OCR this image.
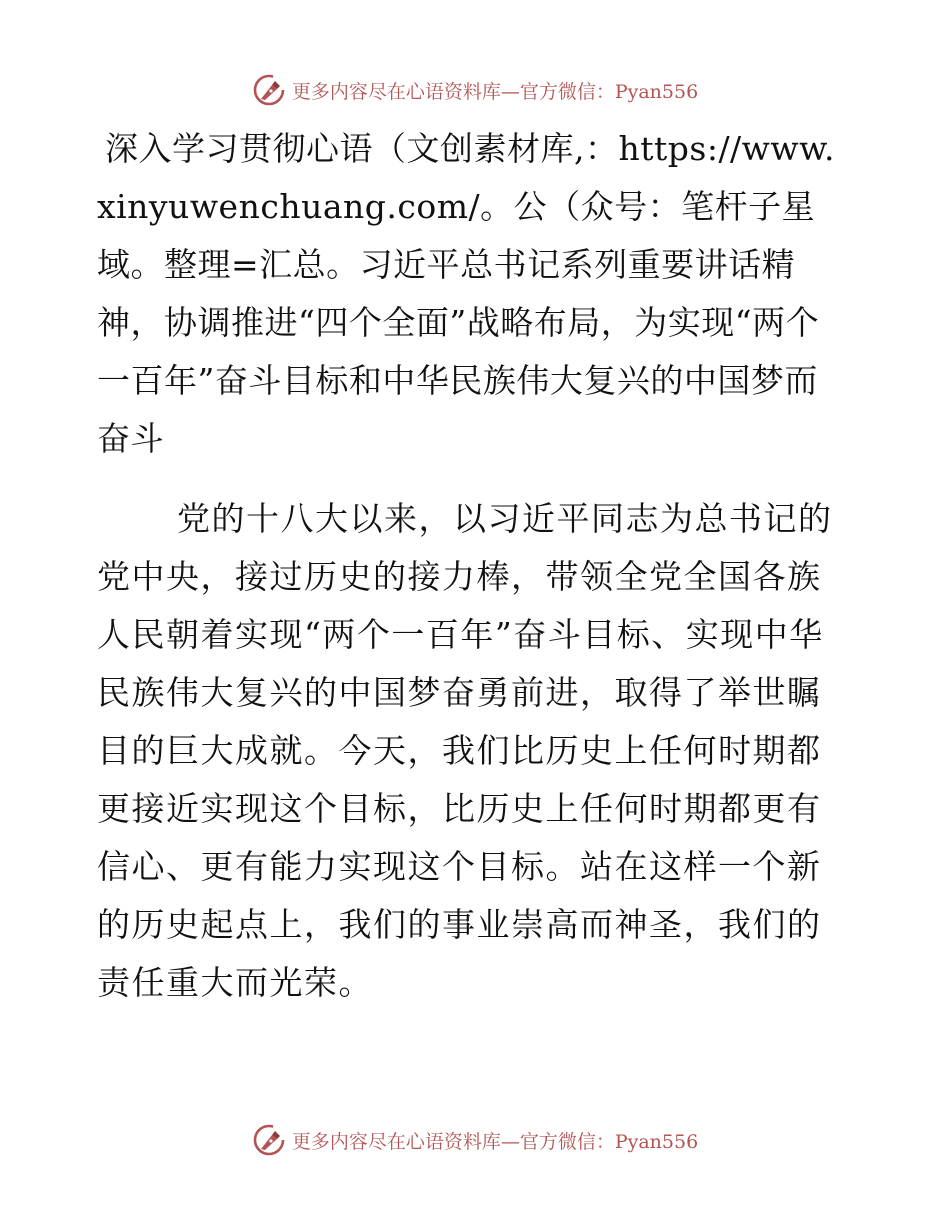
更多内容尽在心语资料库—官方微信：Pyan556

深入学习贯彻心语（文创素材库,：https://www.xinyuwenchuang.com/。公（众号：笔杆子星域。整理=汇总。习近平总书记系列重要讲话精神，协调推进“四个全面”战略布局，为实现“两个一百年”奋斗目标和中华民族伟大复兴的中国梦而奋斗

党的十八大以来，以习近平同志为总书记的党中央，接过历史的接力棒，带领全党全国各族人民朝着实现“两个一百年”奋斗目标、实现中华民族伟大复兴的中国梦奋勇前进，取得了举世瞩目的巨大成就。今天，我们比历史上任何时期都更接近实现这个目标，比历史上任何时期都更有信心、更有能力实现这个目标。站在这样一个新的历史起点上，我们的事业崇高而神圣，我们的责任重大而光荣。

更多内容尽在心语资料库—官方微信：Pyan556
